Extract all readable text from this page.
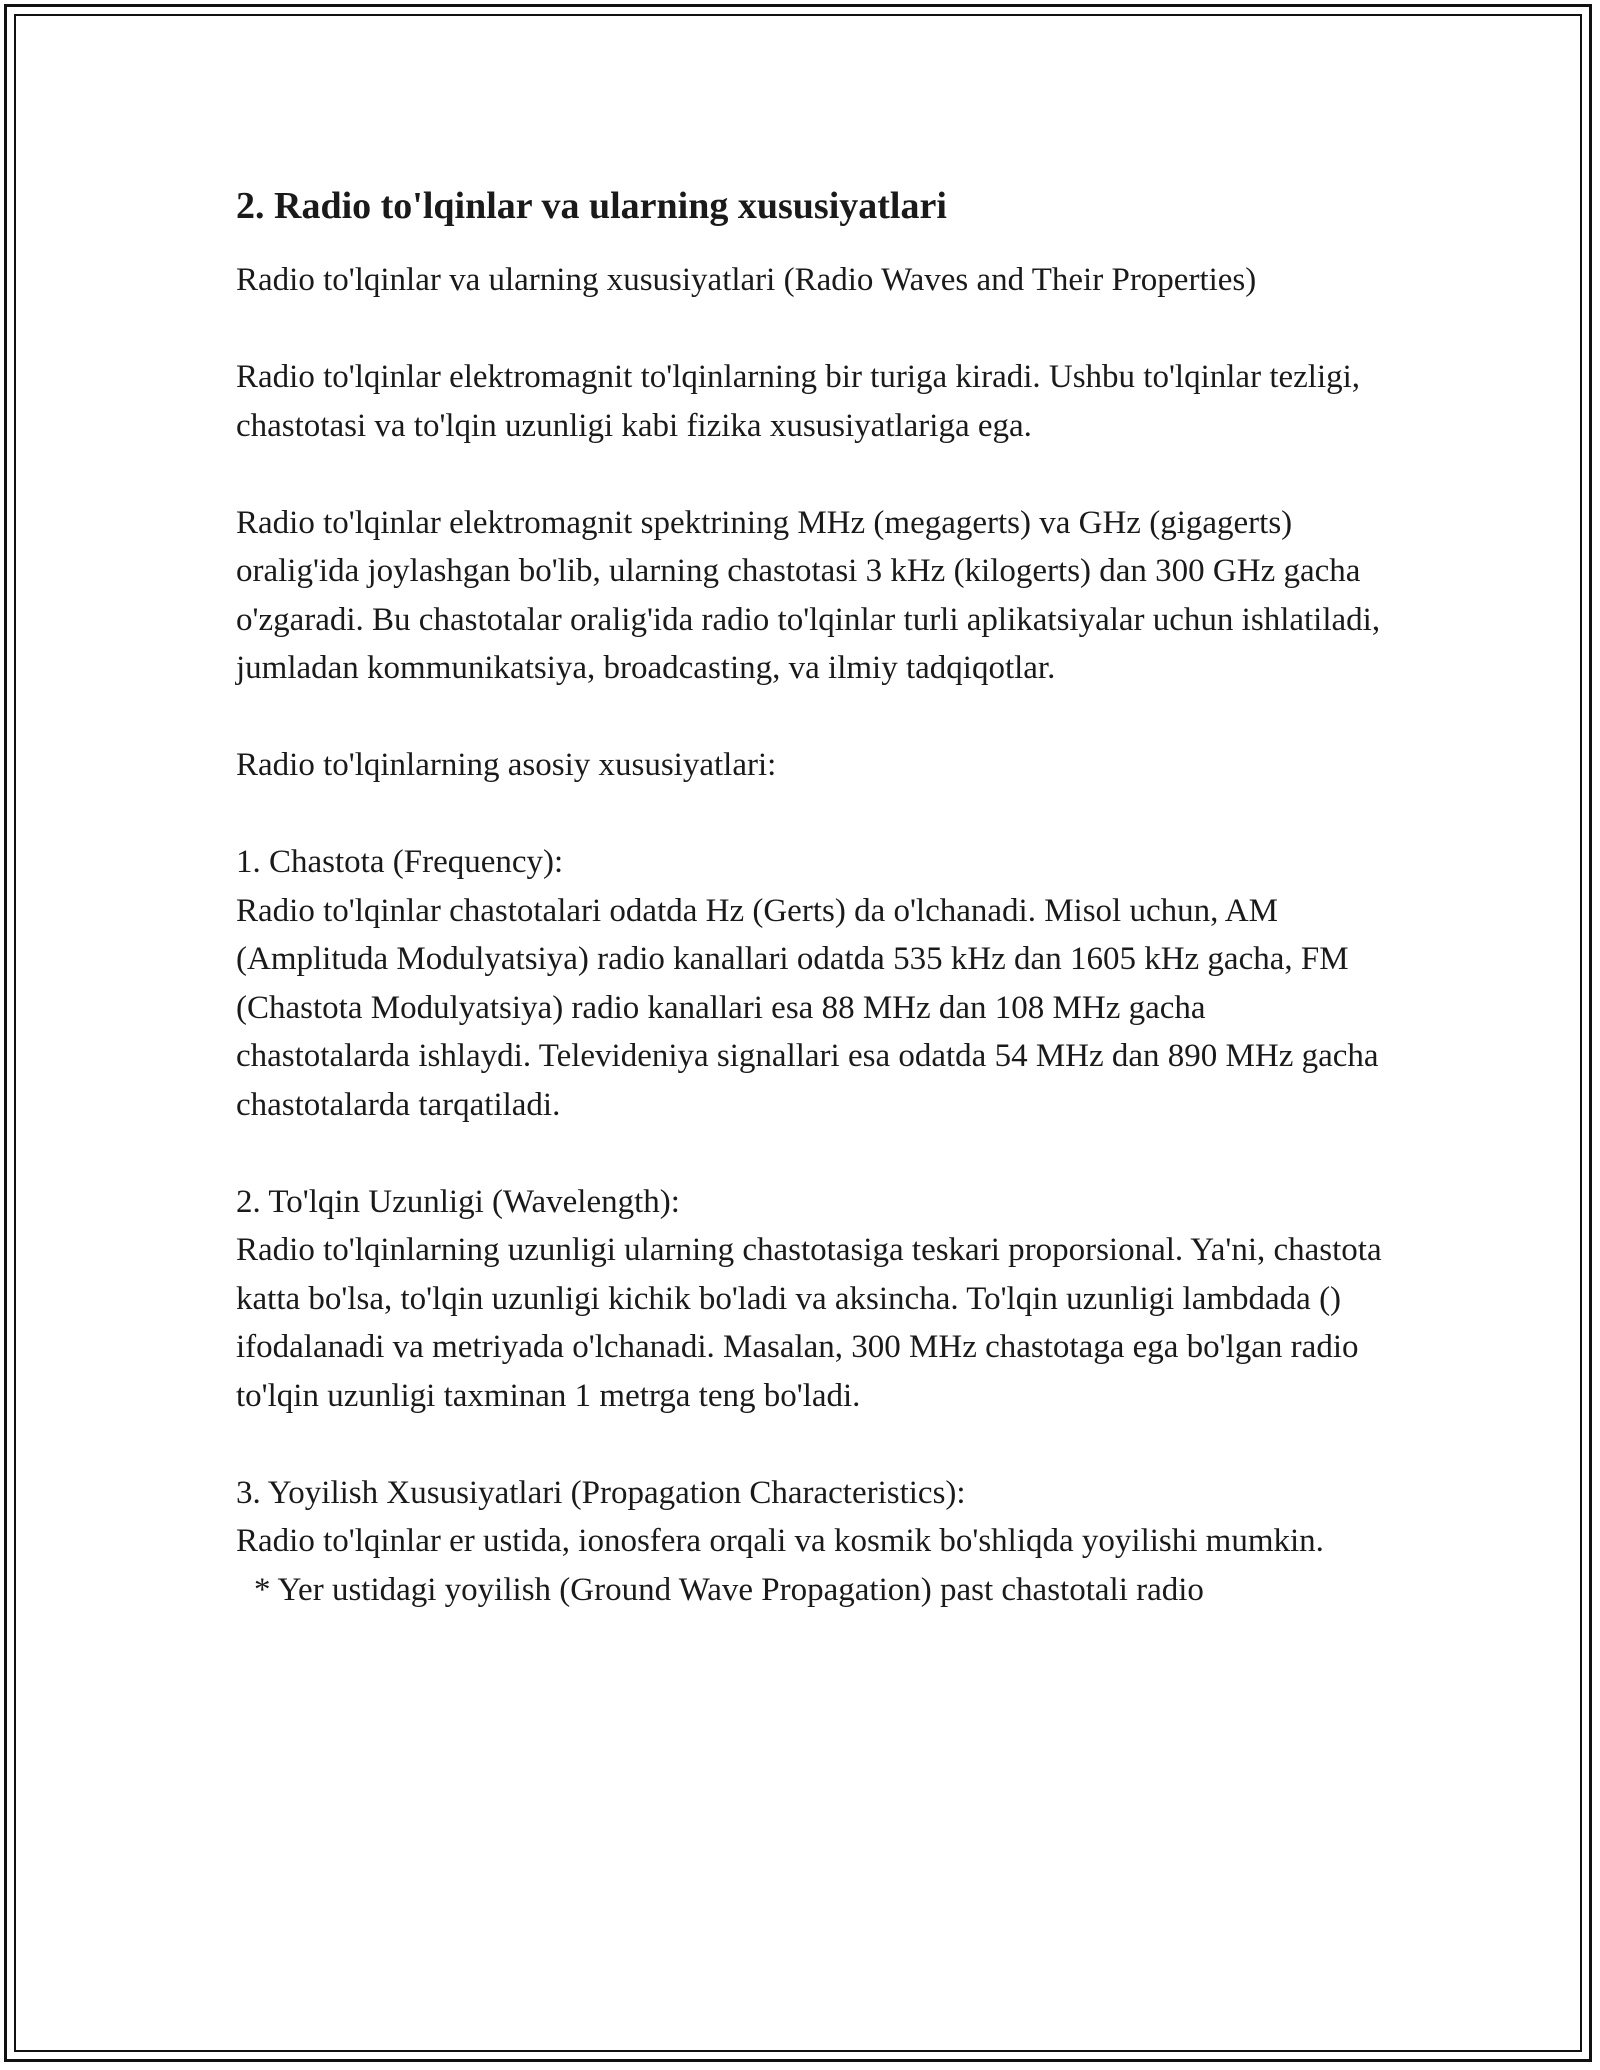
2. Radio to'lqinlar va ularning xususiyatlari

Radio to'lqinlar va ularning xususiyatlari (Radio Waves and Their Properties)

Radio to'lqinlar elektromagnit to'lqinlarning bir turiga kiradi. Ushbu to'lqinlar tezligi, chastotasi va to'lqin uzunligi kabi fizika xususiyatlariga ega.

Radio to'lqinlar elektromagnit spektrining MHz (megagerts) va GHz (gigagerts) oralig'ida joylashgan bo'lib, ularning chastotasi 3 kHz (kilogerts) dan 300 GHz gacha o'zgaradi. Bu chastotalar oralig'ida radio to'lqinlar turli aplikatsiyalar uchun ishlatiladi, jumladan kommunikatsiya, broadcasting, va ilmiy tadqiqotlar.

Radio to'lqinlarning asosiy xususiyatlari:

1. Chastota (Frequency):

Radio to'lqinlar chastotalari odatda Hz (Gerts) da o'lchanadi. Misol uchun, AM (Amplituda Modulyatsiya) radio kanallari odatda 535 kHz dan 1605 kHz gacha, FM (Chastota Modulyatsiya) radio kanallari esa 88 MHz dan 108 MHz gacha chastotalarda ishlaydi. Televideniya signallari esa odatda 54 MHz dan 890 MHz gacha chastotalarda tarqatiladi.

2. To'lqin Uzunligi (Wavelength):

Radio to'lqinlarning uzunligi ularning chastotasiga teskari proporsional. Ya'ni, chastota katta bo'lsa, to'lqin uzunligi kichik bo'ladi va aksincha. To'lqin uzunligi lambdada () ifodalanadi va metriyada o'lchanadi. Masalan, 300 MHz chastotaga ega bo'lgan radio to'lqin uzunligi taxminan 1 metrga teng bo'ladi.

3. Yoyilish Xususiyatlari (Propagation Characteristics):

Radio to'lqinlar er ustida, ionosfera orqali va kosmik bo'shliqda yoyilishi mumkin.

* Yer ustidagi yoyilish (Ground Wave Propagation) past chastotali radio
